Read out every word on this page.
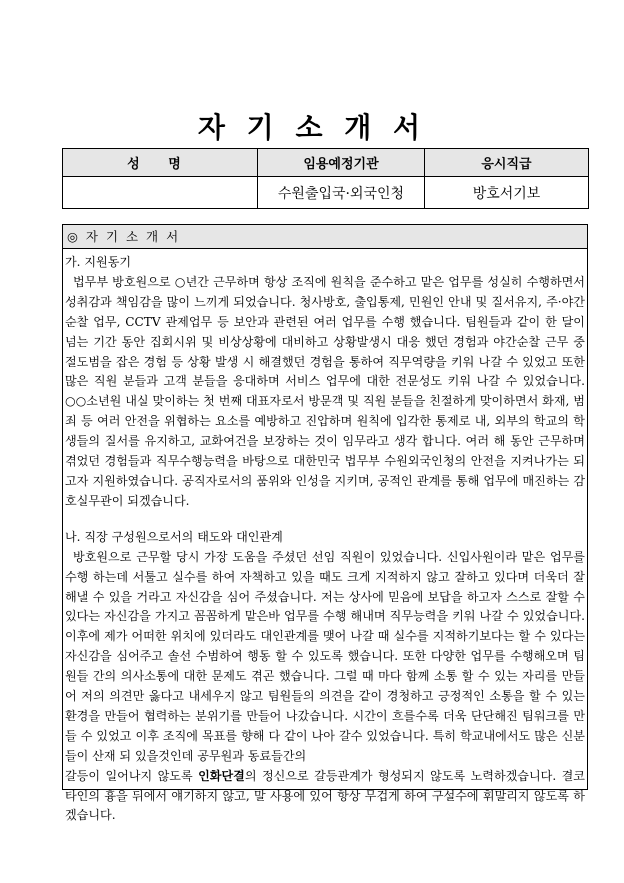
자 기 소 개 서
성 명	임용예정기관	응시직급
	수원출입국·외국인청	방호서기보
◎ 자 기 소 개 서

가. 지원동기

법무부 방호원으로 ○년간 근무하며 항상 조직에 원칙을 준수하고 맡은 업무를 성실히 수행하면서 성취감과 책임감을 많이 느끼게 되었습니다. 청사방호, 출입통제, 민원인 안내 및 질서유지, 주·야간순찰 업무, CCTV 관제업무 등 보안과 관련된 여러 업무를 수행 했습니다. 팀원들과 같이 한 달이 넘는 기간 동안 집회시위 및 비상상황에 대비하고 상황발생시 대응 했던 경험과 야간순찰 근무 중 절도범을 잡은 경험 등 상황 발생 시 해결했던 경험을 통하여 직무역량을 키워 나갈 수 있었고 또한 많은 직원 분들과 고객 분들을 응대하며 서비스 업무에 대한 전문성도 키워 나갈 수 있었습니다. ○○소년원 내실 맞이하는 첫 번째 대표자로서 방문객 및 직원 분들을 친절하게 맞이하면서 화재, 범죄 등 여러 안전을 위협하는 요소를 예방하고 진압하며 원칙에 입각한 통제로 내, 외부의 학교의 학생들의 질서를 유지하고, 교화여건을 보장하는 것이 임무라고 생각 합니다. 여러 해 동안 근무하며 겪었던 경험들과 직무수행능력을 바탕으로 대한민국 법무부 수원외국인청의 안전을 지켜나가는 되고자 지원하였습니다. 공직자로서의 품위와 인성을 지키며, 공적인 관계를 통해 업무에 매진하는 감호실무관이 되겠습니다.

나. 직장 구성원으로서의 태도와 대인관계

방호원으로 근무할 당시 가장 도움을 주셨던 선임 직원이 있었습니다. 신입사원이라 맡은 업무를 수행 하는데 서툴고 실수를 하여 자책하고 있을 때도 크게 지적하지 않고 잘하고 있다며 더욱더 잘해낼 수 있을 거라고 자신감을 심어 주셨습니다. 저는 상사에 믿음에 보답을 하고자 스스로 잘할 수 있다는 자신감을 가지고 꼼꼼하게 맡은바 업무를 수행 해내며 직무능력을 키워 나갈 수 있었습니다. 이후에 제가 어떠한 위치에 있더라도 대인관계를 맺어 나갈 때 실수를 지적하기보다는 할 수 있다는 자신감을 심어주고 솔선 수범하여 행동 할 수 있도록 했습니다. 또한 다양한 업무를 수행해오며 팀원들 간의 의사소통에 대한 문제도 겪곤 했습니다. 그럴 때 마다 함께 소통 할 수 있는 자리를 만들어 저의 의견만 옳다고 내세우지 않고 팀원들의 의견을 같이 경청하고 긍정적인 소통을 할 수 있는 환경을 만들어 협력하는 분위기를 만들어 나갔습니다. 시간이 흐를수록 더욱 단단해진 팀워크를 만들 수 있었고 이후 조직에 목표를 향해 다 같이 나아 갈수 있었습니다. 특히 학교내에서도 많은 신분들이 산재 되 있을것인데 공무원과 동료들간의

갈등이 일어나지 않도록 인화단결의 정신으로 갈등관계가 형성되지 않도록 노력하겠습니다. 결코 타인의 흉을 뒤에서 얘기하지 않고, 말 사용에 있어 항상 무겁게 하여 구설수에 휘말리지 않도록 하겠습니다.
